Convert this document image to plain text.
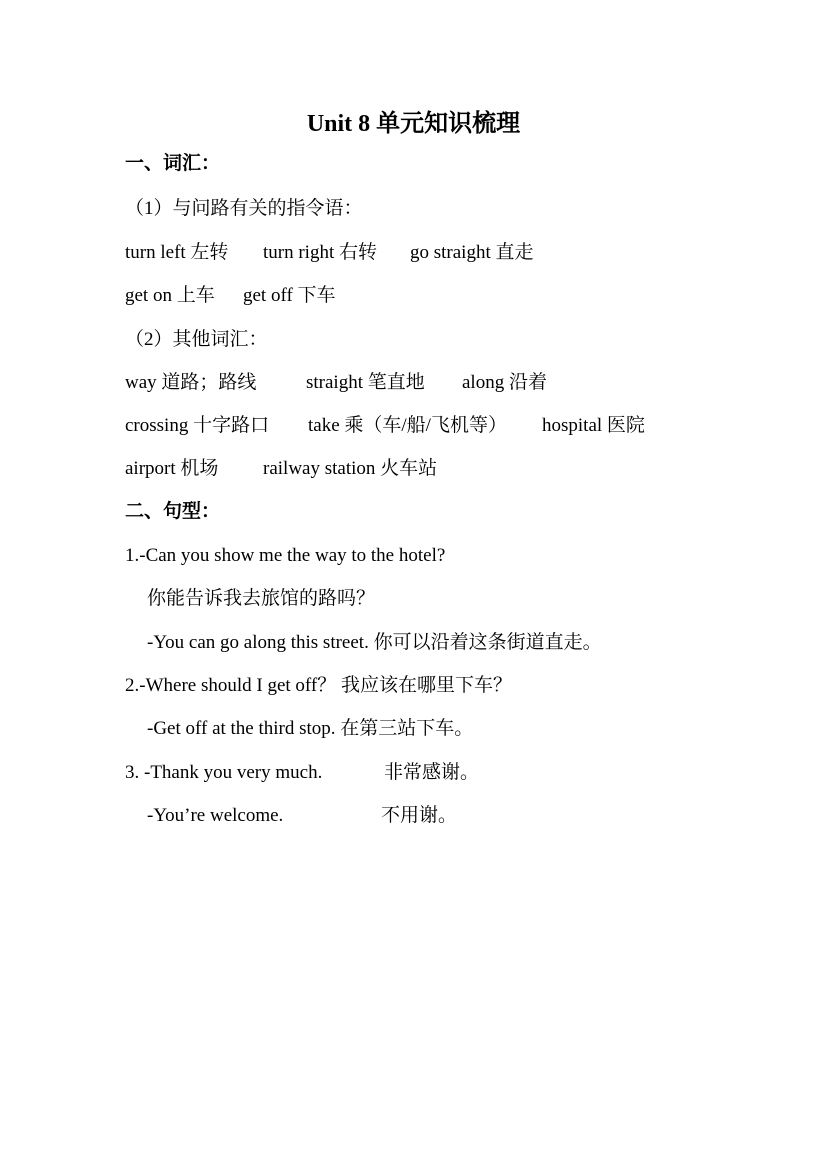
Unit 8 单元知识梳理
一、词汇：
（1）与问路有关的指令语：
turn left 左转 turn right 右转 go straight 直走
get on 上车 get off 下车
（2）其他词汇：
way 道路；路线	straight 笔直地 along 沿着
crossing 十字路口 take 乘（车/船/飞机等） hospital 医院
airport 机场 railway station 火车站
二、句型：
1.-Can you show me the way to the hotel?
你能告诉我去旅馆的路吗？
-You can go along this street. 你可以沿着这条街道直走。
2.-Where should I get off？ 我应该在哪里下车？
-Get off at the third stop. 在第三站下车。
3. -Thank you very much.	非常感谢。
-You’re welcome.	不用谢。
